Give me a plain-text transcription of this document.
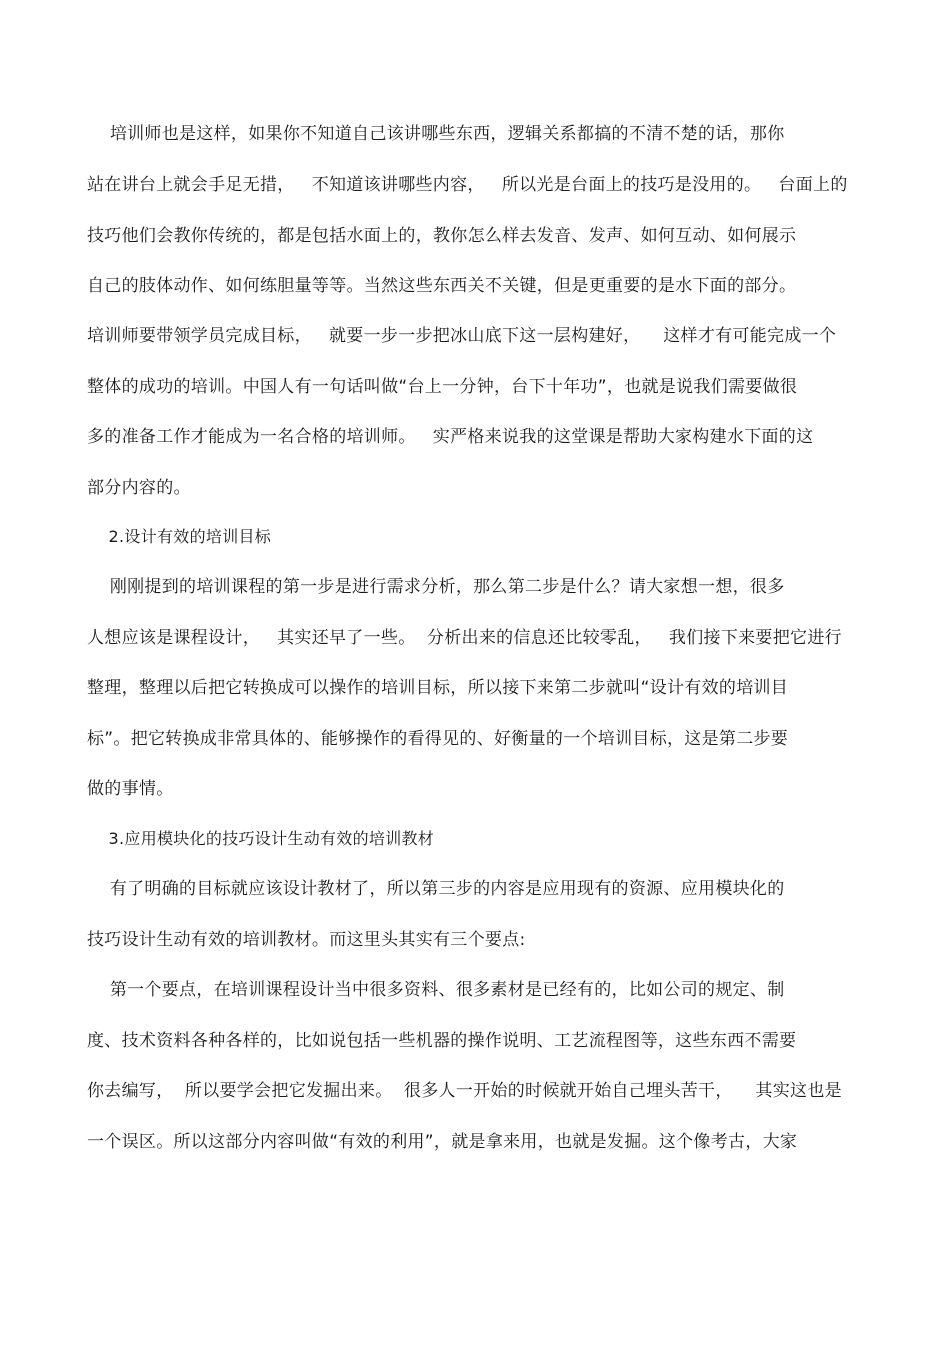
培训师也是这样，如果你不知道自己该讲哪些东西，逻辑关系都搞的不清不楚的话，那你
站在讲台上就会手足无措，   不知道该讲哪些内容，   所以光是台面上的技巧是没用的。   台面上的
技巧他们会教你传统的，都是包括水面上的，教你怎么样去发音、发声、如何互动、如何展示
自己的肢体动作、如何练胆量等等。当然这些东西关不关键，但是更重要的是水下面的部分。
培训师要带领学员完成目标，   就要一步一步把冰山底下这一层构建好，    这样才有可能完成一个
整体的成功的培训。中国人有一句话叫做“台上一分钟，台下十年功”，也就是说我们需要做很
多的准备工作才能成为一名合格的培训师。   实严格来说我的这堂课是帮助大家构建水下面的这
部分内容的。
2.设计有效的培训目标
刚刚提到的培训课程的第一步是进行需求分析，那么第二步是什么？请大家想一想，很多
人想应该是课程设计，   其实还早了一些。  分析出来的信息还比较零乱，   我们接下来要把它进行
整理，整理以后把它转换成可以操作的培训目标，所以接下来第二步就叫“设计有效的培训目
标”。把它转换成非常具体的、能够操作的看得见的、好衡量的一个培训目标，这是第二步要
做的事情。
3.应用模块化的技巧设计生动有效的培训教材
有了明确的目标就应该设计教材了，所以第三步的内容是应用现有的资源、应用模块化的
技巧设计生动有效的培训教材。而这里头其实有三个要点:
第一个要点，在培训课程设计当中很多资料、很多素材是已经有的，比如公司的规定、制
度、技术资料各种各样的，比如说包括一些机器的操作说明、工艺流程图等，这些东西不需要
你去编写，  所以要学会把它发掘出来。  很多人一开始的时候就开始自己埋头苦干，    其实这也是
一个误区。所以这部分内容叫做“有效的利用”，就是拿来用，也就是发掘。这个像考古，大家
